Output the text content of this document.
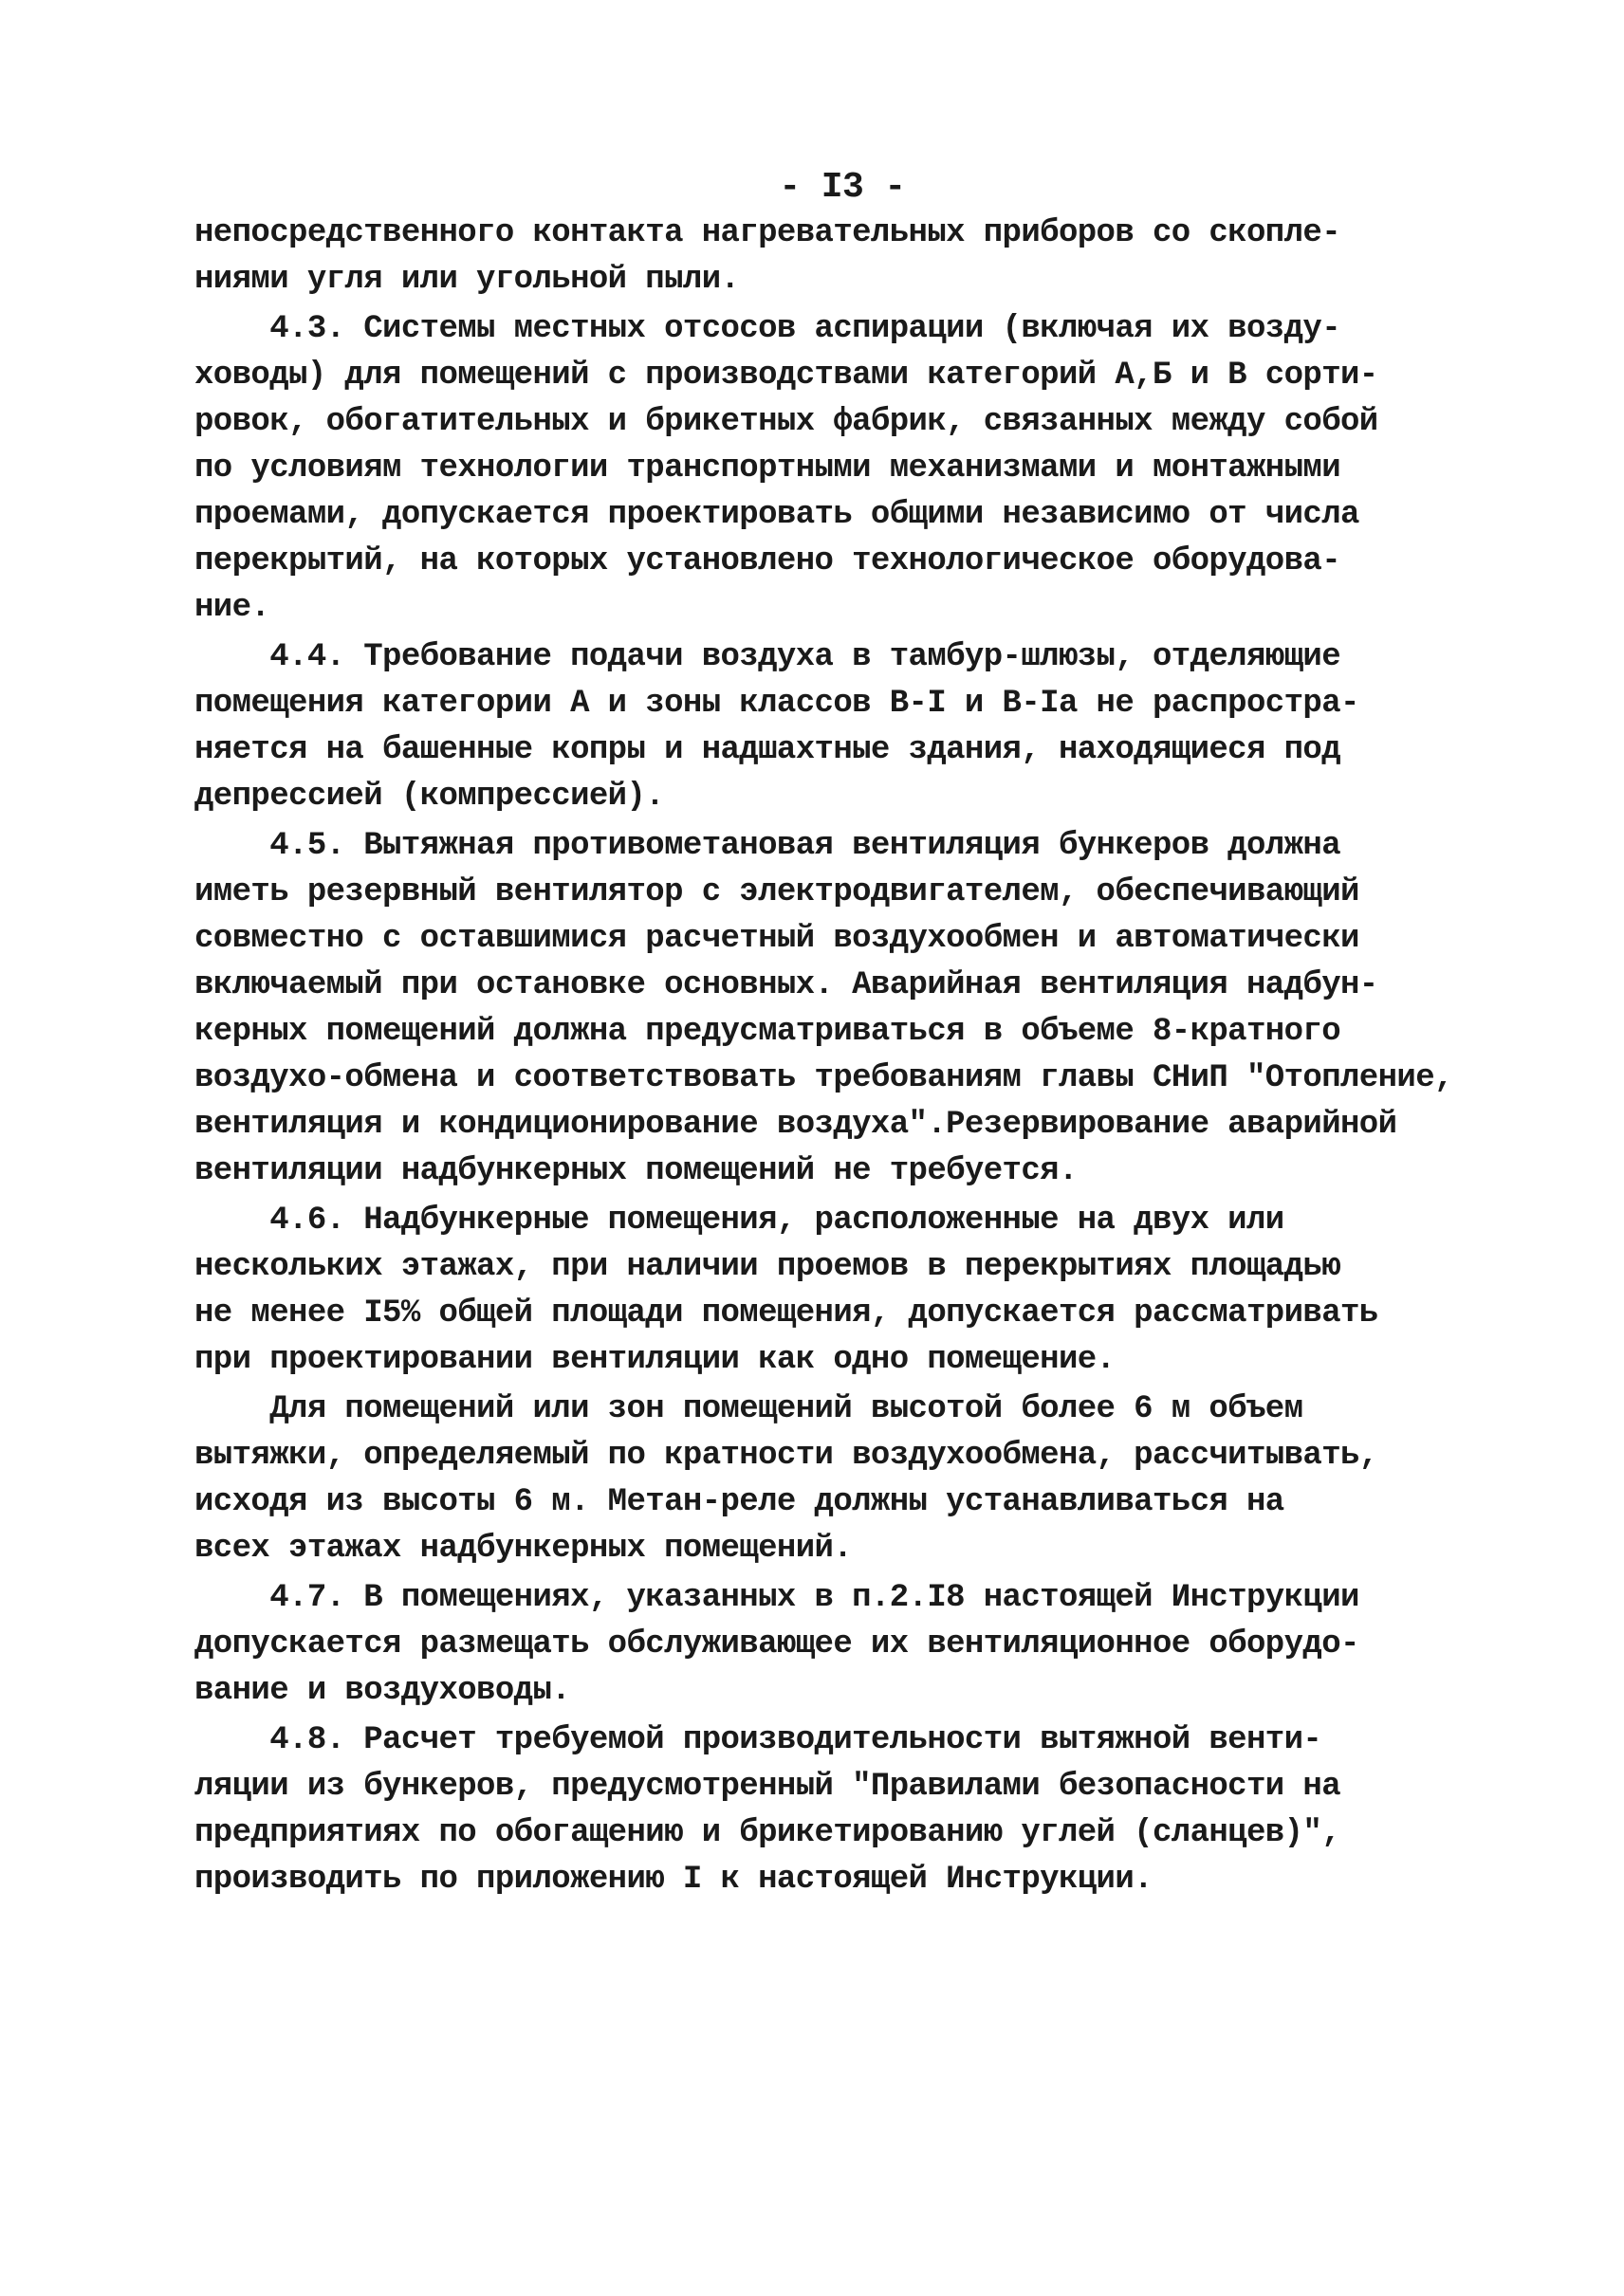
- I3 -
непосредственного контакта нагревательных приборов со скопле-
ниями угля или угольной пыли.
4.3. Системы местных отсосов аспирации (включая их возду-
ховоды) для помещений с производствами категорий А,Б и В сорти-
ровок, обогатительных и брикетных фабрик, связанных между собой
по условиям технологии транспортными механизмами и монтажными
проемами, допускается проектировать общими независимо от числа
перекрытий, на которых установлено технологическое оборудова-
ние.
4.4. Требование подачи воздуха в тамбур-шлюзы, отделяющие
помещения категории А и зоны классов В-I и В-Iа не распростра-
няется на башенные копры и надшахтные здания, находящиеся под
депрессией (компрессией).
4.5. Вытяжная противометановая вентиляция бункеров должна
иметь резервный вентилятор с электродвигателем, обеспечивающий
совместно с оставшимися расчетный воздухообмен и автоматически
включаемый при остановке основных. Аварийная вентиляция надбун-
керных помещений должна предусматриваться в объеме 8-кратного
воздухо-обмена и соответствовать требованиям главы СНиП "Отопление,
вентиляция и кондиционирование воздуха".Резервирование аварийной
вентиляции надбункерных помещений не требуется.
4.6. Надбункерные помещения, расположенные на двух или
нескольких этажах, при наличии проемов в перекрытиях площадью
не менее I5% общей площади помещения, допускается рассматривать
при проектировании вентиляции как одно помещение.
Для помещений или зон помещений высотой более 6 м объем
вытяжки, определяемый по кратности воздухообмена, рассчитывать,
исходя из высоты 6 м. Метан-реле должны устанавливаться на
всех этажах надбункерных помещений.
4.7. В помещениях, указанных в п.2.I8 настоящей Инструкции
допускается размещать обслуживающее их вентиляционное оборудо-
вание и воздуховоды.
4.8. Расчет требуемой производительности вытяжной венти-
ляции из бункеров, предусмотренный "Правилами безопасности на
предприятиях по обогащению и брикетированию углей (сланцев)",
производить по приложению I к настоящей Инструкции.
